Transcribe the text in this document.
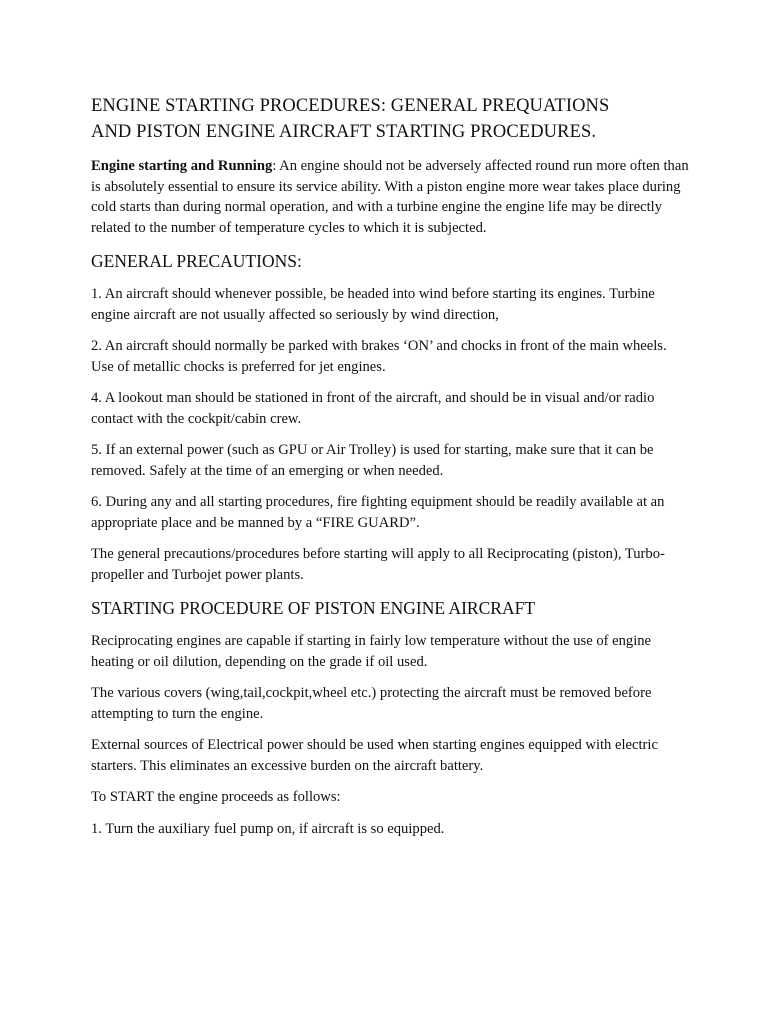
ENGINE STARTING PROCEDURES: GENERAL PREQUATIONS
AND PISTON ENGINE AIRCRAFT STARTING PROCEDURES.

Engine starting and Running: An engine should not be adversely affected round run more often than is absolutely essential to ensure its service ability. With a piston engine more wear takes place during cold starts than during normal operation, and with a turbine engine the engine life may be directly related to the number of temperature cycles to which it is subjected.

GENERAL PRECAUTIONS:

1. An aircraft should whenever possible, be headed into wind before starting its engines. Turbine engine aircraft are not usually affected so seriously by wind direction,

2. An aircraft should normally be parked with brakes ‘ON’ and chocks in front of the main wheels. Use of metallic chocks is preferred for jet engines.

4. A lookout man should be stationed in front of the aircraft, and should be in visual and/or radio contact with the cockpit/cabin crew.

5. If an external power (such as GPU or Air Trolley) is used for starting, make sure that it can be removed. Safely at the time of an emerging or when needed.

6. During any and all starting procedures, fire fighting equipment should be readily available at an appropriate place and be manned by a “FIRE GUARD”.

The general precautions/procedures before starting will apply to all Reciprocating (piston), Turbo-propeller and Turbojet power plants.

STARTING PROCEDURE OF PISTON ENGINE AIRCRAFT

Reciprocating engines are capable if starting in fairly low temperature without the use of engine heating or oil dilution, depending on the grade if oil used.

The various covers (wing,tail,cockpit,wheel etc.) protecting the aircraft must be removed before attempting to turn the engine.

External sources of Electrical power should be used when starting engines equipped with electric starters. This eliminates an excessive burden on the aircraft battery.

To START the engine proceeds as follows:

1. Turn the auxiliary fuel pump on, if aircraft is so equipped.
